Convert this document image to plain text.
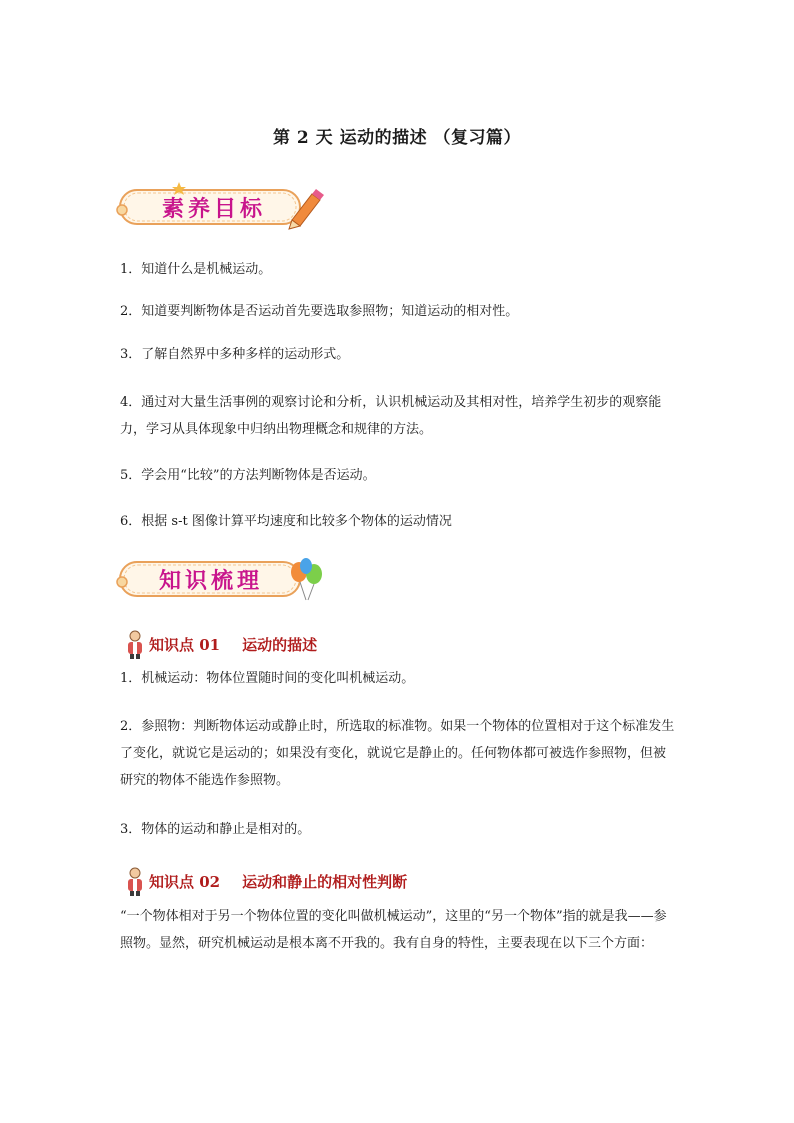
第 2 天 运动的描述 （复习篇）
素养目标

1．知道什么是机械运动。

2．知道要判断物体是否运动首先要选取参照物；知道运动的相对性。

3．了解自然界中多种多样的运动形式。

4．通过对大量生活事例的观察讨论和分析，认识机械运动及其相对性，培养学生初步的观察能力，学习从具体现象中归纳出物理概念和规律的方法。

5．学会用“比较”的方法判断物体是否运动。

6．根据 s-t 图像计算平均速度和比较多个物体的运动情况

知识梳理
知识点 01 运动的描述

1．机械运动：物体位置随时间的变化叫机械运动。

2．参照物：判断物体运动或静止时，所选取的标准物。如果一个物体的位置相对于这个标准发生了变化，就说它是运动的；如果没有变化，就说它是静止的。任何物体都可被选作参照物，但被研究的物体不能选作参照物。

3．物体的运动和静止是相对的。

知识点 02 运动和静止的相对性判断

“一个物体相对于另一个物体位置的变化叫做机械运动”，这里的“另一个物体”指的就是我——参照物。显然，研究机械运动是根本离不开我的。我有自身的特性，主要表现在以下三个方面：
